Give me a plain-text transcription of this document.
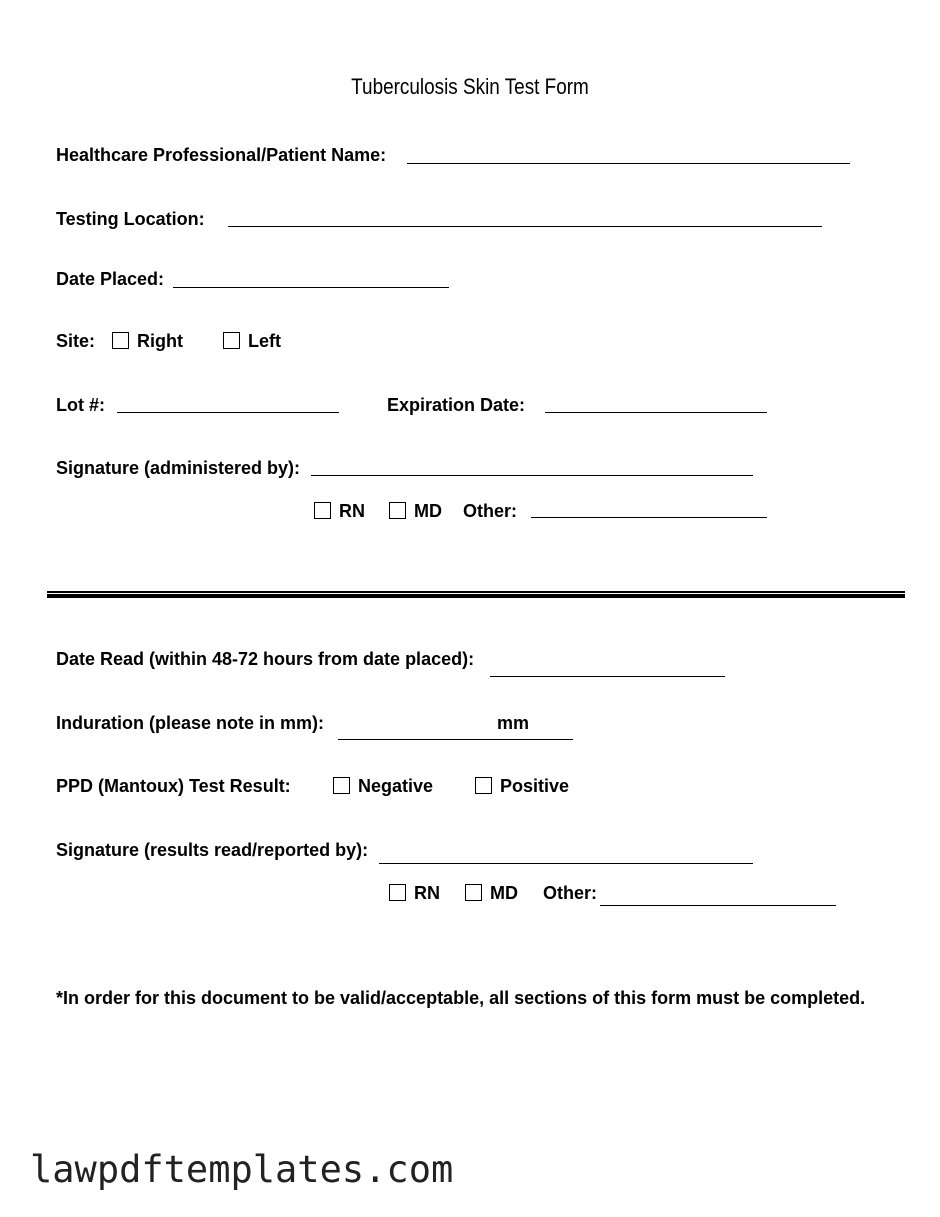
Tuberculosis Skin Test Form
Healthcare Professional/Patient Name:
Testing Location:
Date Placed:
Site: Right	Left
Lot #:	Expiration Date:
Signature (administered by):
RN	MD Other:
Date Read (within 48-72 hours from date placed):
Induration (please note in mm):	mm
PPD (Mantoux) Test Result:	Negative	Positive
Signature (results read/reported by):
RN	MD Other:
*In order for this document to be valid/acceptable, all sections of this form must be completed.
lawpdftemplates.com
